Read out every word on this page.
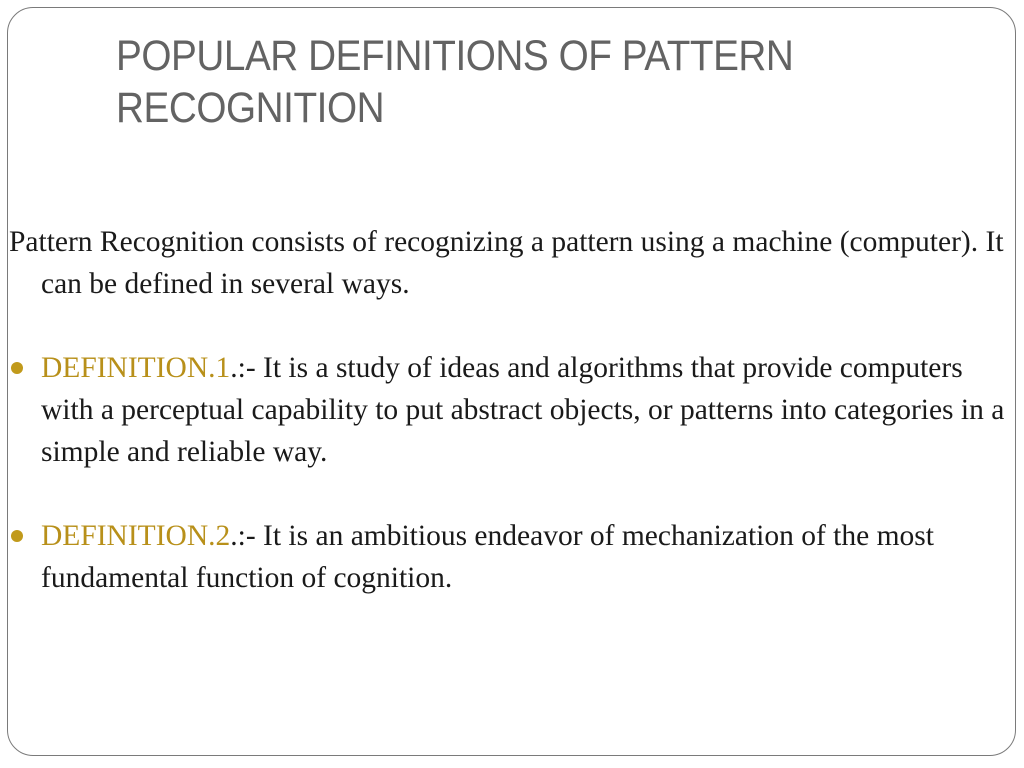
POPULAR DEFINITIONS OF PATTERN RECOGNITION

Pattern Recognition consists of recognizing a pattern using a machine (computer). It can be defined in several ways.

DEFINITION.1.:- It is a study of ideas and algorithms that provide computers with a perceptual capability to put abstract objects, or patterns into categories in a simple and reliable way.

DEFINITION.2.:- It is an ambitious endeavor of mechanization of the most fundamental function of cognition.
